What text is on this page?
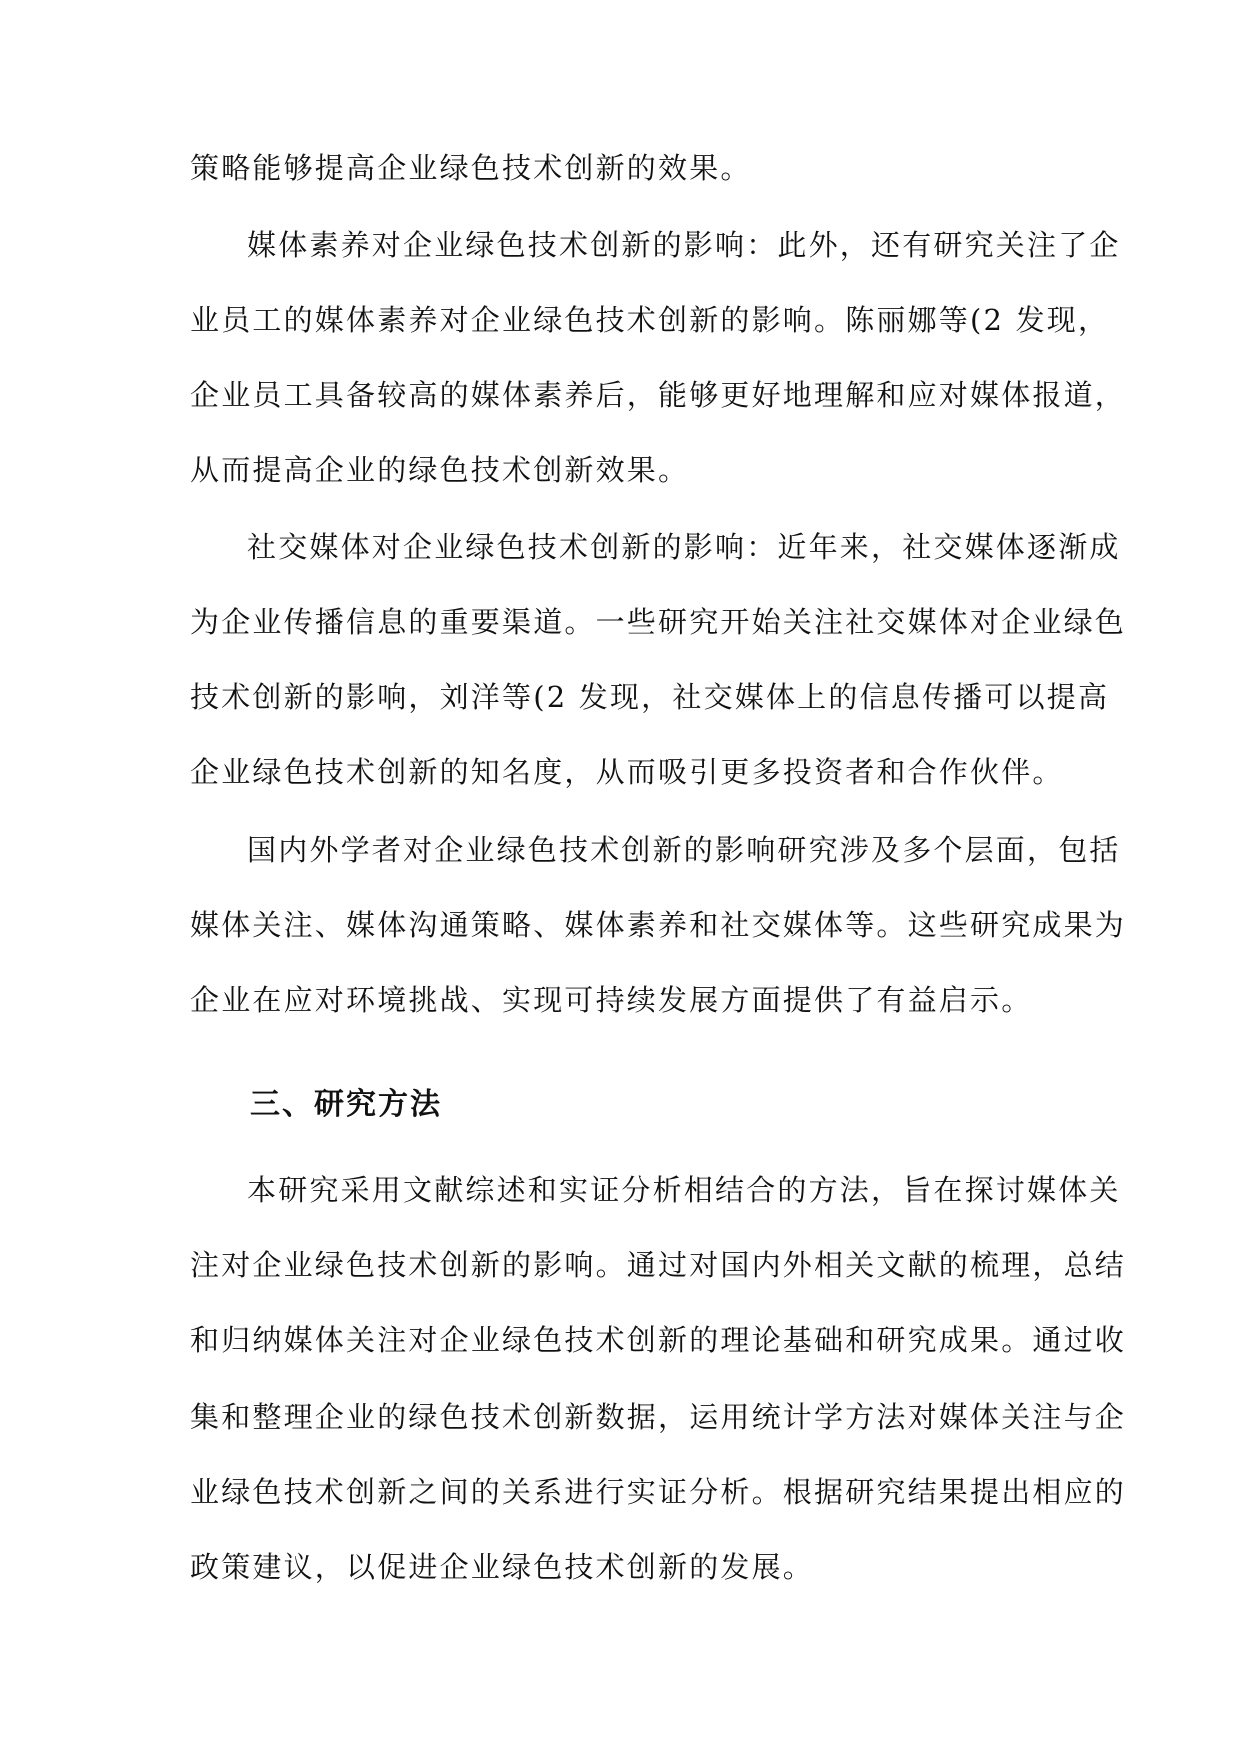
策略能够提高企业绿色技术创新的效果。
媒体素养对企业绿色技术创新的影响：此外，还有研究关注了企
业员工的媒体素养对企业绿色技术创新的影响。陈丽娜等(2 发现，
企业员工具备较高的媒体素养后，能够更好地理解和应对媒体报道，
从而提高企业的绿色技术创新效果。
社交媒体对企业绿色技术创新的影响：近年来，社交媒体逐渐成
为企业传播信息的重要渠道。一些研究开始关注社交媒体对企业绿色
技术创新的影响，刘洋等(2 发现，社交媒体上的信息传播可以提高
企业绿色技术创新的知名度，从而吸引更多投资者和合作伙伴。
国内外学者对企业绿色技术创新的影响研究涉及多个层面，包括
媒体关注、媒体沟通策略、媒体素养和社交媒体等。这些研究成果为
企业在应对环境挑战、实现可持续发展方面提供了有益启示。
三、研究方法
本研究采用文献综述和实证分析相结合的方法，旨在探讨媒体关
注对企业绿色技术创新的影响。通过对国内外相关文献的梳理，总结
和归纳媒体关注对企业绿色技术创新的理论基础和研究成果。通过收
集和整理企业的绿色技术创新数据，运用统计学方法对媒体关注与企
业绿色技术创新之间的关系进行实证分析。根据研究结果提出相应的
政策建议，以促进企业绿色技术创新的发展。
